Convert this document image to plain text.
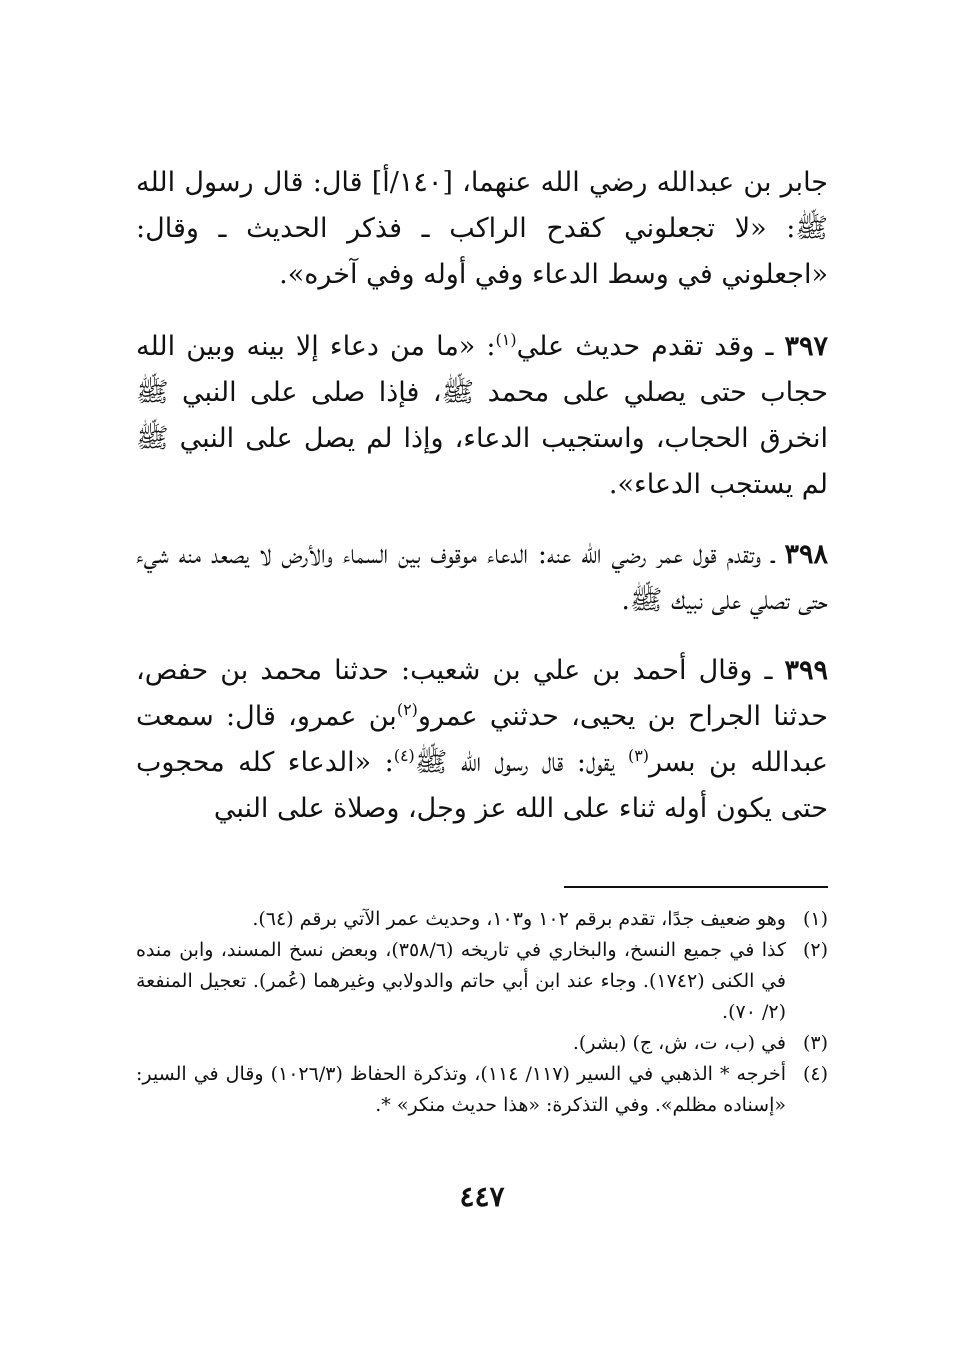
جابر بن عبدالله رضي الله عنهما، [١٤٠/أ] قال: قال رسول الله ﷺ: «لا تجعلوني كقدح الراكب ـ فذكر الحديث ـ وقال: «اجعلوني في وسط الدعاء وفي أوله وفي آخره».

٣٩٧ ـ وقد تقدم حديث علي$^{(١)}$: «ما من دعاء إلا بينه وبين الله حجاب حتى يصلي على محمد ﷺ، فإذا صلى على النبي ﷺ انخرق الحجاب، واستجيب الدعاء، وإذا لم يصل على النبي ﷺ لم يستجب الدعاء».

٣٩٨ ـ وتقدم قول عمر رضي الله عنه: الدعاء موقوف بين السماء والأرض لا يصعد منه شيء حتى تصلي على نبيك ﷺ.

٣٩٩ ـ وقال أحمد بن علي بن شعيب: حدثنا محمد بن حفص، حدثنا الجراح بن يحيى، حدثني عمرو$^{(٢)}$بن عمرو، قال: سمعت عبدالله بن بسر$^{(٣)}$ يقول: قال رسول الله ﷺ$^{(٤)}$: «الدعاء كله محجوب حتى يكون أوله ثناء على الله عز وجل، وصلاة على النبي

(١)
وهو ضعيف جدًا، تقدم برقم ١٠٢ و١٠٣، وحديث عمر الآتي برقم (٦٤).
(٢)
كذا في جميع النسخ، والبخاري في تاريخه (٣٥٨/٦)، وبعض نسخ المسند، وابن منده في الكنى (١٧٤٢). وجاء عند ابن أبي حاتم والدولابي وغيرهما (عُمر). تعجيل المنفعة (٢/ ٧٠).
(٣)
في (ب، ت، ش، ج) (بشر).
(٤)
أخرجه * الذهبي في السير (١١٧/ ١١٤)، وتذكرة الحفاظ (١٠٢٦/٣) وقال في السير: «إسناده مظلم». وفي التذكرة: «هذا حديث منكر» *.
٤٤٧
